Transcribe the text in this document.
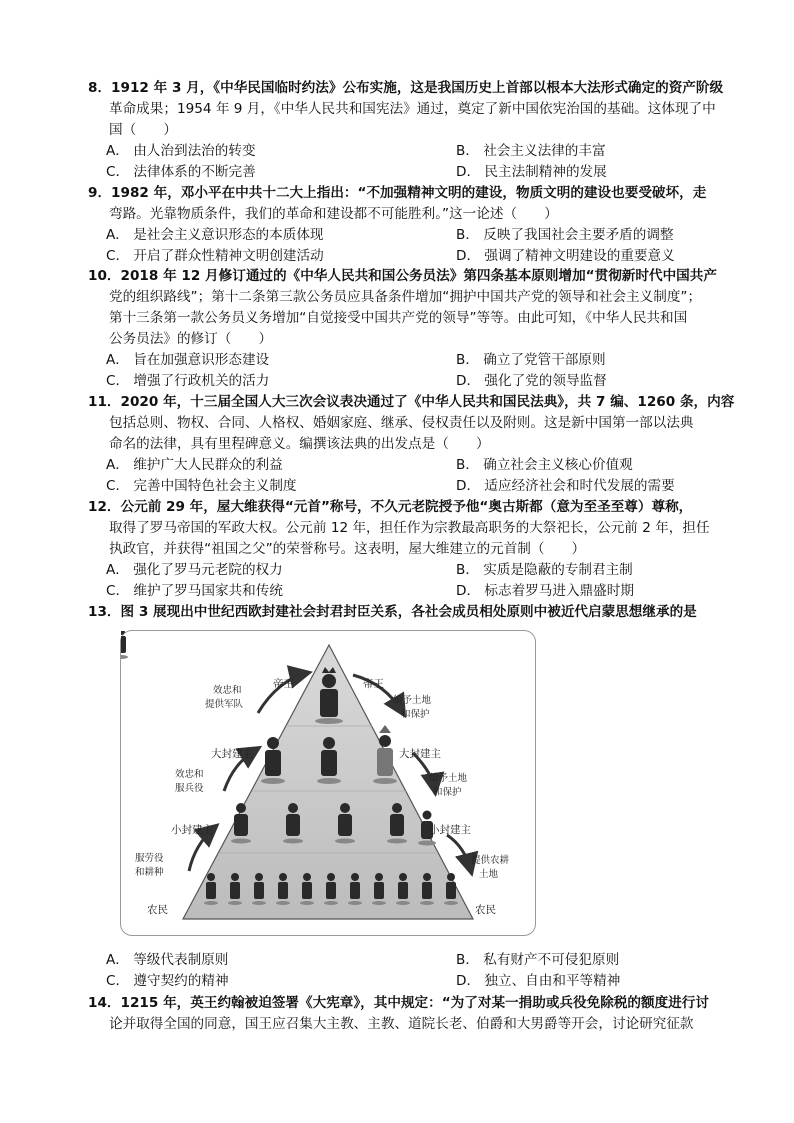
8．1912 年 3 月，《中华民国临时约法》公布实施，这是我国历史上首部以根本大法形式确定的资产阶级
革命成果；1954 年 9 月，《中华人民共和国宪法》通过，奠定了新中国依宪治国的基础。这体现了中
国（　　）
A． 由人治到法治的转变	B． 社会主义法律的丰富
C． 法律体系的不断完善	D． 民主法制精神的发展
9．1982 年，邓小平在中共十二大上指出：“不加强精神文明的建设，物质文明的建设也要受破坏，走
弯路。光靠物质条件，我们的革命和建设都不可能胜利。”这一论述（　　）
A． 是社会主义意识形态的本质体现	B． 反映了我国社会主要矛盾的调整
C． 开启了群众性精神文明创建活动	D． 强调了精神文明建设的重要意义
10．2018 年 12 月修订通过的《中华人民共和国公务员法》第四条基本原则增加“贯彻新时代中国共产
党的组织路线”；第十二条第三款公务员应具备条件增加“拥护中国共产党的领导和社会主义制度”；
第十三条第一款公务员义务增加“自觉接受中国共产党的领导”等等。由此可知，《中华人民共和国
公务员法》的修订（　　）
A． 旨在加强意识形态建设	B． 确立了党管干部原则
C． 增强了行政机关的活力	D． 强化了党的领导监督
11．2020 年，十三届全国人大三次会议表决通过了《中华人民共和国民法典》，共 7 编、1260 条，内容
包括总则、物权、合同、人格权、婚姻家庭、继承、侵权责任以及附则。这是新中国第一部以法典
命名的法律，具有里程碑意义。编撰该法典的出发点是（　　）
A． 维护广大人民群众的利益	B． 确立社会主义核心价值观
C． 完善中国特色社会主义制度	D． 适应经济社会和时代发展的需要
12．公元前 29 年，屋大维获得“元首”称号，不久元老院授予他“奥古斯都（意为至圣至尊）尊称，
取得了罗马帝国的军政大权。公元前 12 年，担任作为宗教最高职务的大祭祀长，公元前 2 年，担任
执政官，并获得“祖国之父”的荣誉称号。这表明，屋大维建立的元首制（　　）
A． 强化了罗马元老院的权力	B． 实质是隐蔽的专制君主制
C． 维护了罗马国家共和传统	D． 标志着罗马进入鼎盛时期
13．图 3 展现出中世纪西欧封建社会封君封臣关系，各社会成员相处原则中被近代启蒙思想继承的是
帝王	帝王
大封建主	大封建主
小封建主	小封建主
农民	农民
效忠和
提供军队
效忠和
服兵役
服劳役
和耕种
给予土地
和保护
给予土地
和保护
提供农耕
土地
A． 等级代表制原则	B． 私有财产不可侵犯原则
C． 遵守契约的精神	D． 独立、自由和平等精神
14．1215 年，英王约翰被迫签署《大宪章》，其中规定：“为了对某一捐助或兵役免除税的额度进行讨
论并取得全国的同意，国王应召集大主教、主教、道院长老、伯爵和大男爵等开会，讨论研究征款
